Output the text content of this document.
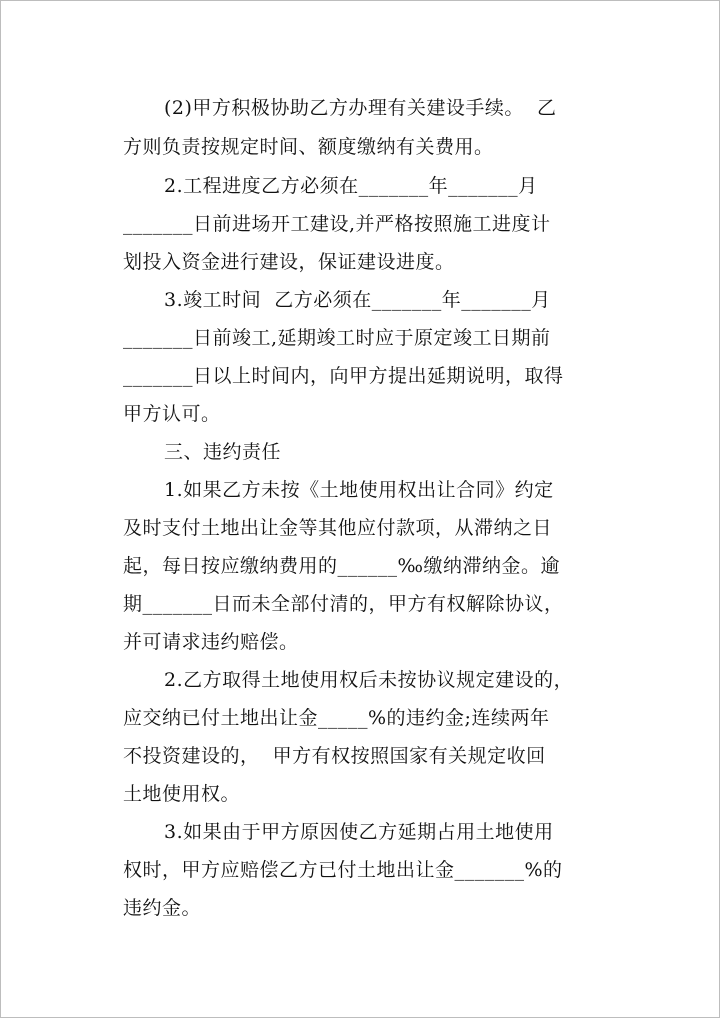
(2)甲方积极协助乙方办理有关建设手续。  乙

方则负责按规定时间、额度缴纳有关费用。

2.工程进度乙方必须在_______年_______月

_______日前进场开工建设,并严格按照施工进度计

划投入资金进行建设，保证建设进度。

3.竣工时间  乙方必须在_______年_______月

_______日前竣工,延期竣工时应于原定竣工日期前

_______日以上时间内，向甲方提出延期说明，取得

甲方认可。

三、违约责任

1.如果乙方未按《土地使用权出让合同》约定

及时支付土地出让金等其他应付款项，从滞纳之日

起，每日按应缴纳费用的______‰缴纳滞纳金。逾

期_______日而未全部付清的，甲方有权解除协议，

并可请求违约赔偿。

2.乙方取得土地使用权后未按协议规定建设的，

应交纳已付土地出让金_____%的违约金;连续两年

不投资建设的，  甲方有权按照国家有关规定收回

土地使用权。

3.如果由于甲方原因使乙方延期占用土地使用

权时，甲方应赔偿乙方已付土地出让金_______%的

违约金。
